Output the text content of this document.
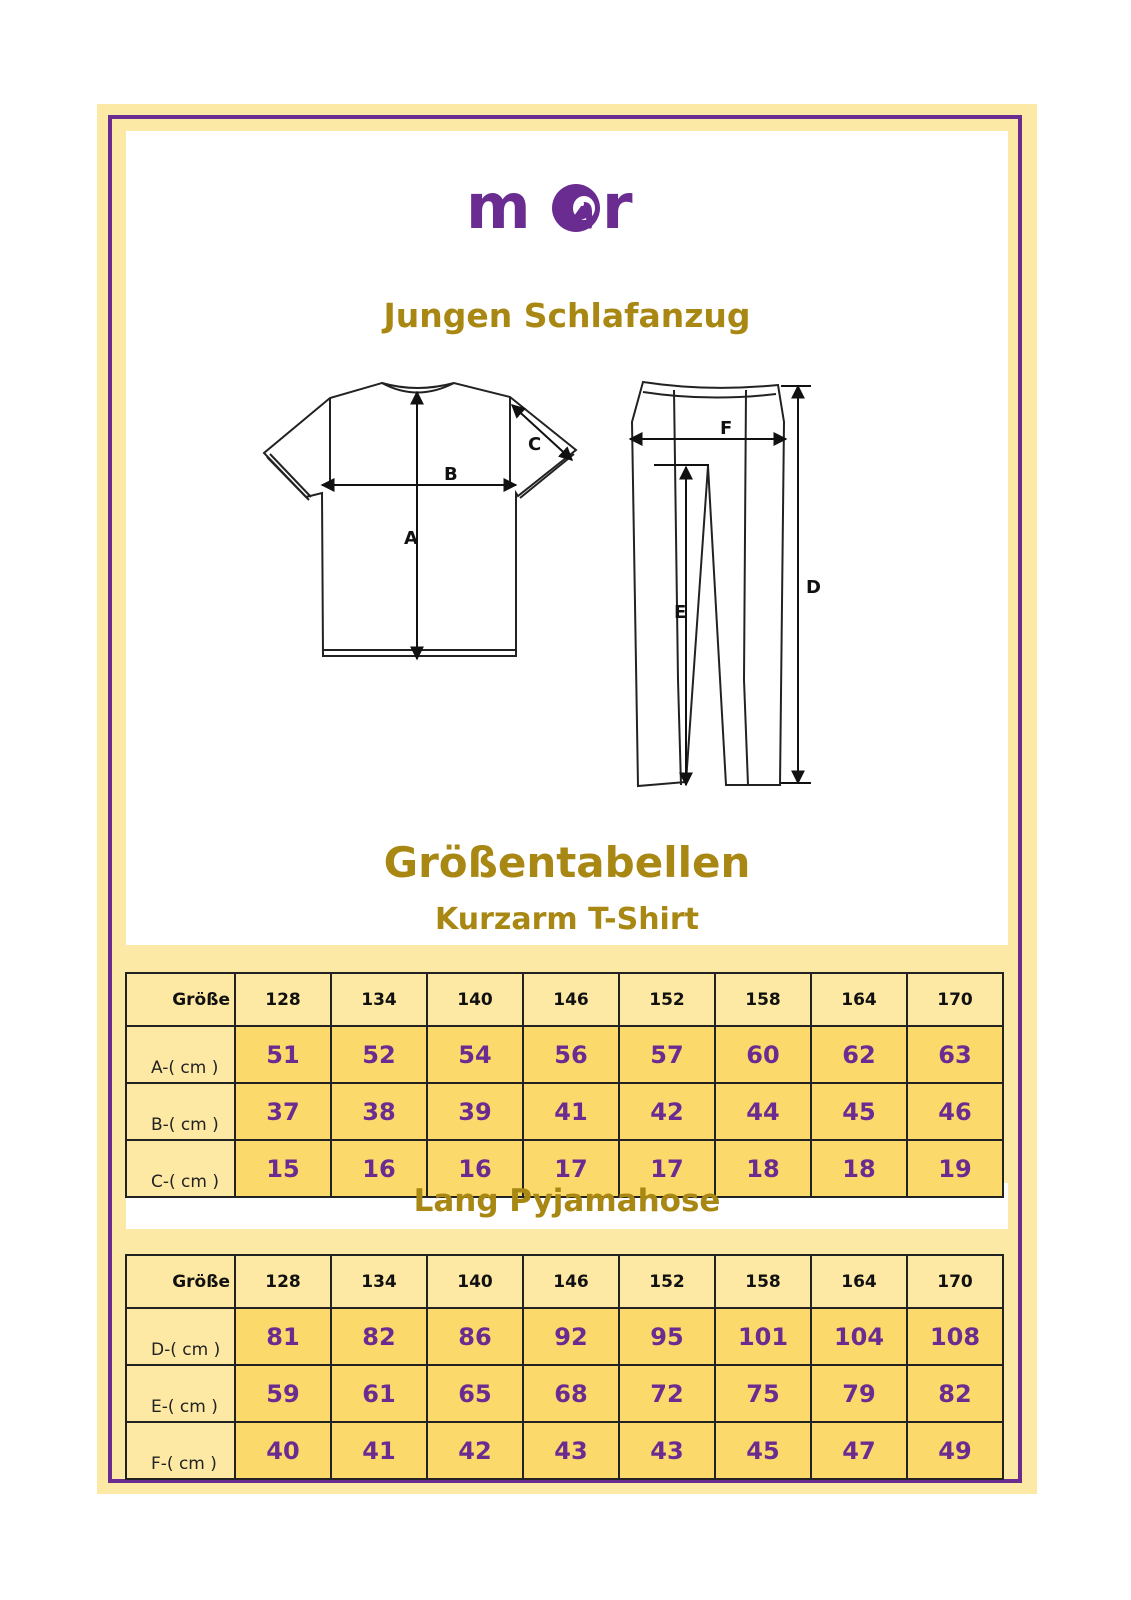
m r
Jungen Schlafanzug
A
B
C
F
D
E
Größentabellen
Kurzarm T-Shirt
Größe	128	134	140	146	152	158	164	170
A-( cm )	51	52	54	56	57	60	62	63
B-( cm )	37	38	39	41	42	44	45	46
C-( cm )	15	16	16	17	17	18	18	19
Lang Pyjamahose
Größe	128	134	140	146	152	158	164	170
D-( cm )	81	82	86	92	95	101	104	108
E-( cm )	59	61	65	68	72	75	79	82
F-( cm )	40	41	42	43	43	45	47	49
